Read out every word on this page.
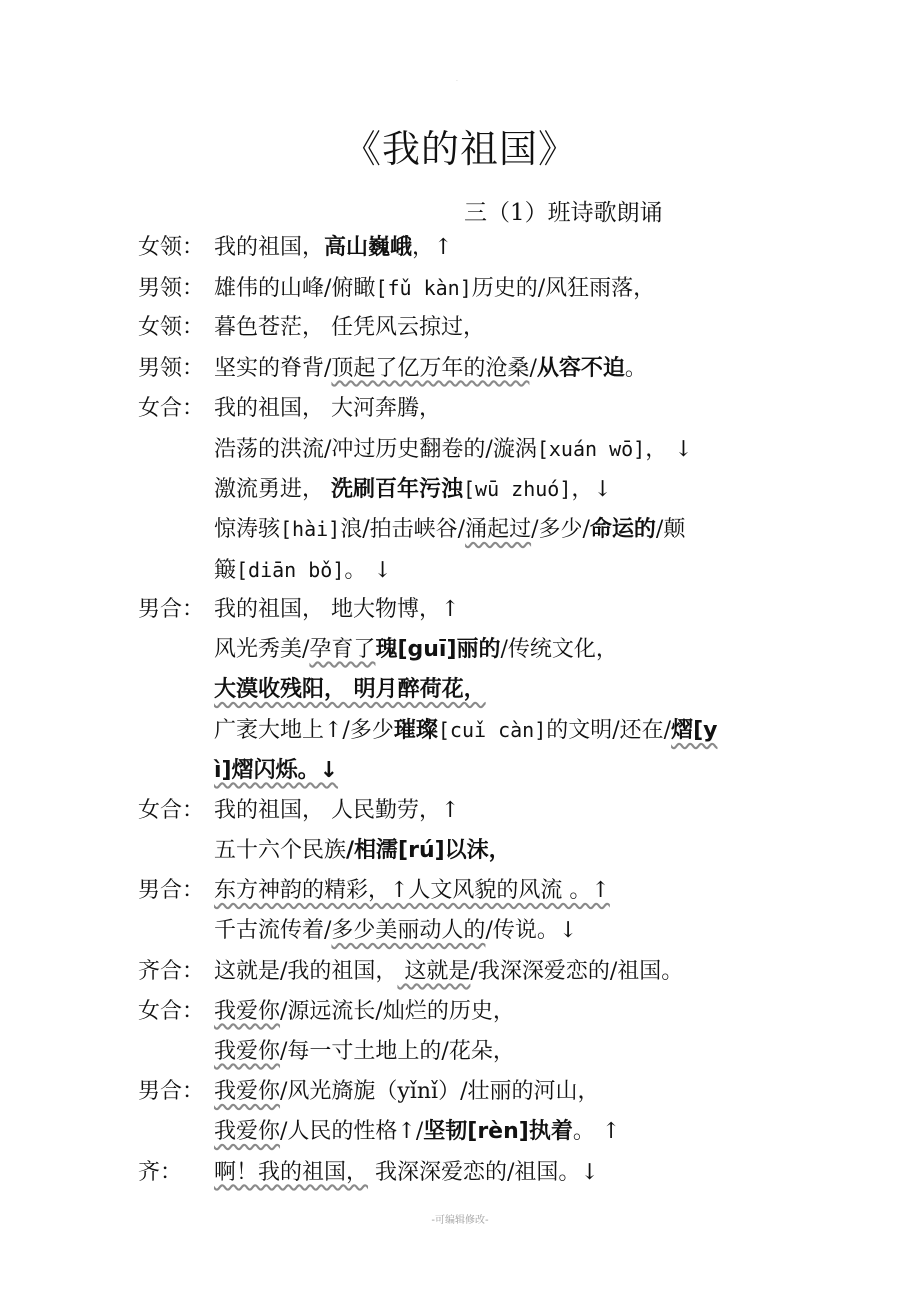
·
《我的祖国》
三（1）班诗歌朗诵
女领： 我的祖国，高山巍峨，↑
男领： 雄伟的山峰/俯瞰[fǔ kàn]历史的/风狂雨落，
女领： 暮色苍茫， 任凭风云掠过，
男领： 坚实的脊背/顶起了亿万年的沧桑/从容不迫。
女合： 我的祖国， 大河奔腾，
浩荡的洪流/冲过历史翻卷的/漩涡[xuán wō]， ↓
激流勇进， 洗刷百年污浊[wū zhuó]，↓
惊涛骇[hài]浪/拍击峡谷/涌起过/多少/命运的/颠
簸[diān bǒ]。 ↓
男合： 我的祖国， 地大物博，↑
风光秀美/孕育了瑰[guī]丽的/传统文化，
大漠收残阳， 明月醉荷花，
广袤大地上↑/多少璀璨[cuǐ càn]的文明/还在/熠[y
ì]熠闪烁。↓
女合： 我的祖国， 人民勤劳，↑
五十六个民族/相濡[rú]以沫，
男合： 东方神韵的精彩，↑人文风貌的风流 。↑
千古流传着/多少美丽动人的/传说。↓
齐合： 这就是/我的祖国， 这就是/我深深爱恋的/祖国。
女合： 我爱你/源远流长/灿烂的历史，
我爱你/每一寸土地上的/花朵，
男合： 我爱你/风光旖旎（yǐnǐ）/壮丽的河山，
我爱你/人民的性格↑/坚韧[rèn]执着。 ↑
齐： 啊！我的祖国， 我深深爱恋的/祖国。↓
-可编辑修改-
